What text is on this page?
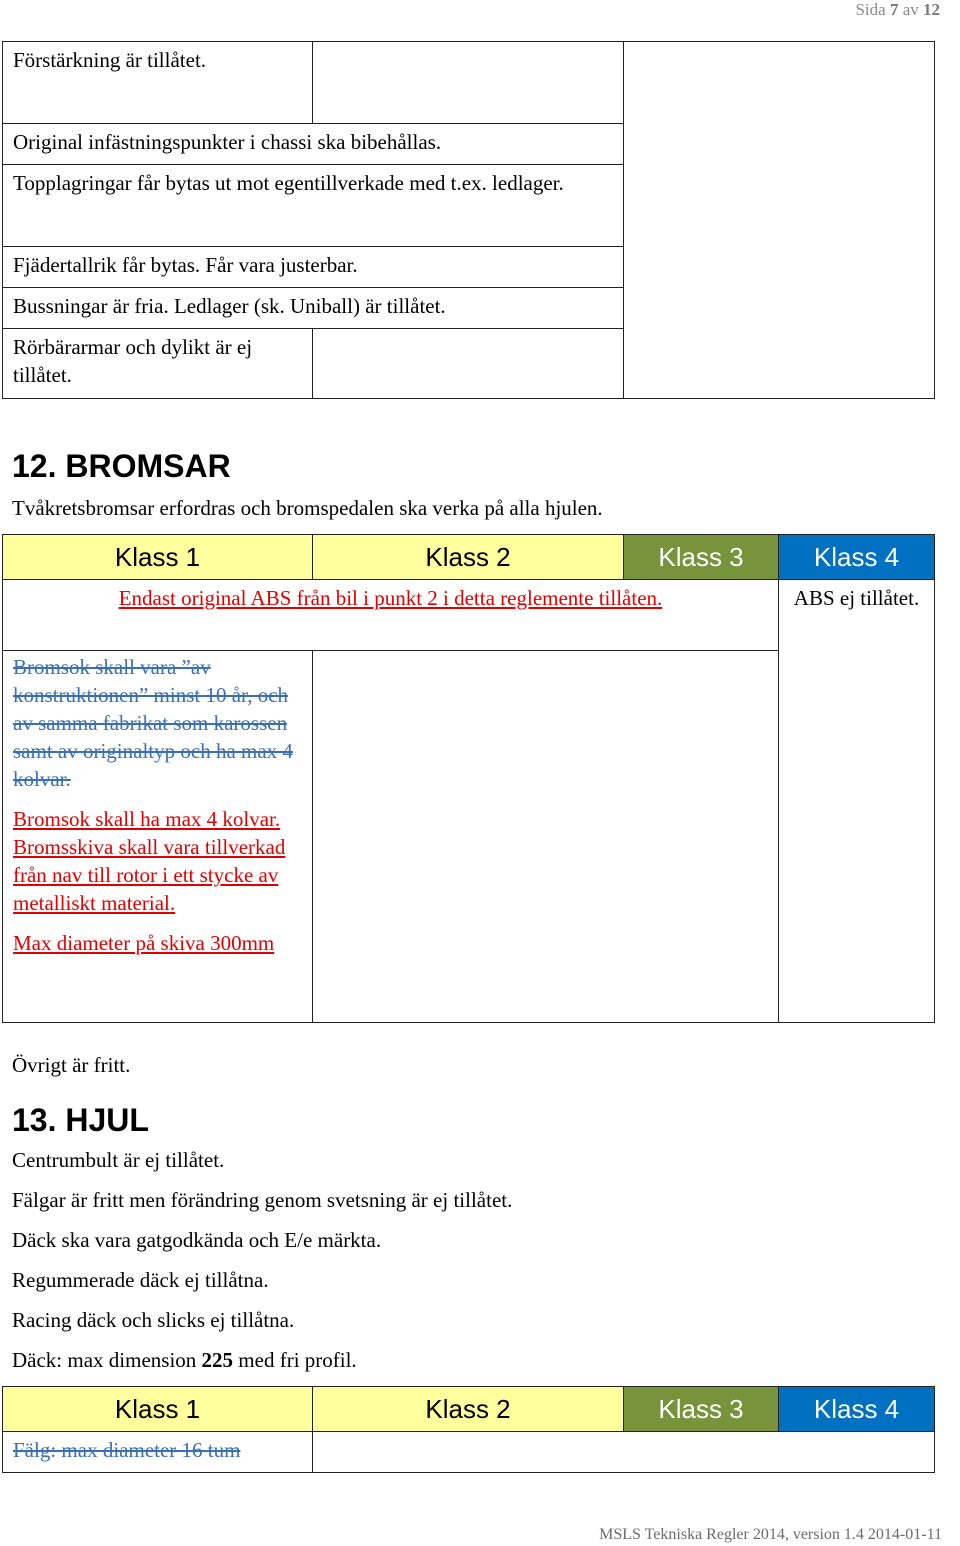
Sida 7 av 12
Förstärkning är tillåtet.		

Original infästningspunkter i chassi ska bibehållas.		

Topplagringar får bytas ut mot egentillverkade med t.ex. ledlager.		

Fjädertallrik får bytas. Får vara justerbar.		

Bussningar är fria. Ledlager (sk. Uniball) är tillåtet.		

Rörbärarmar och dylikt är ej tillåtet.		

12. BROMSAR
Tvåkretsbromsar erfordras och bromspedalen ska verka på alla hjulen.
Klass 1	Klass 2	Klass 3	Klass 4

Endast original ABS från bil i punkt 2 i detta reglemente tillåten.			ABS ej tillåtet.

Bromsok skall vara ”av konstruktionen” minst 10 år, och av samma fabrikat som karossen samt av originaltyp och ha max 4 kolvar.
Bromsok skall ha max 4 kolvar. Bromsskiva skall vara tillverkad från nav till rotor i ett stycke av metalliskt material.
Max diameter på skiva 300mm			

Övrigt är fritt.
13. HJUL
Centrumbult är ej tillåtet.
Fälgar är fritt men förändring genom svetsning är ej tillåtet.
Däck ska vara gatgodkända och E/e märkta.
Regummerade däck ej tillåtna.
Racing däck och slicks ej tillåtna.
Däck: max dimension 225 med fri profil.
Klass 1	Klass 2	Klass 3	Klass 4

Fälg: max diameter 16 tum			

MSLS Tekniska Regler 2014, version 1.4 2014-01-11
